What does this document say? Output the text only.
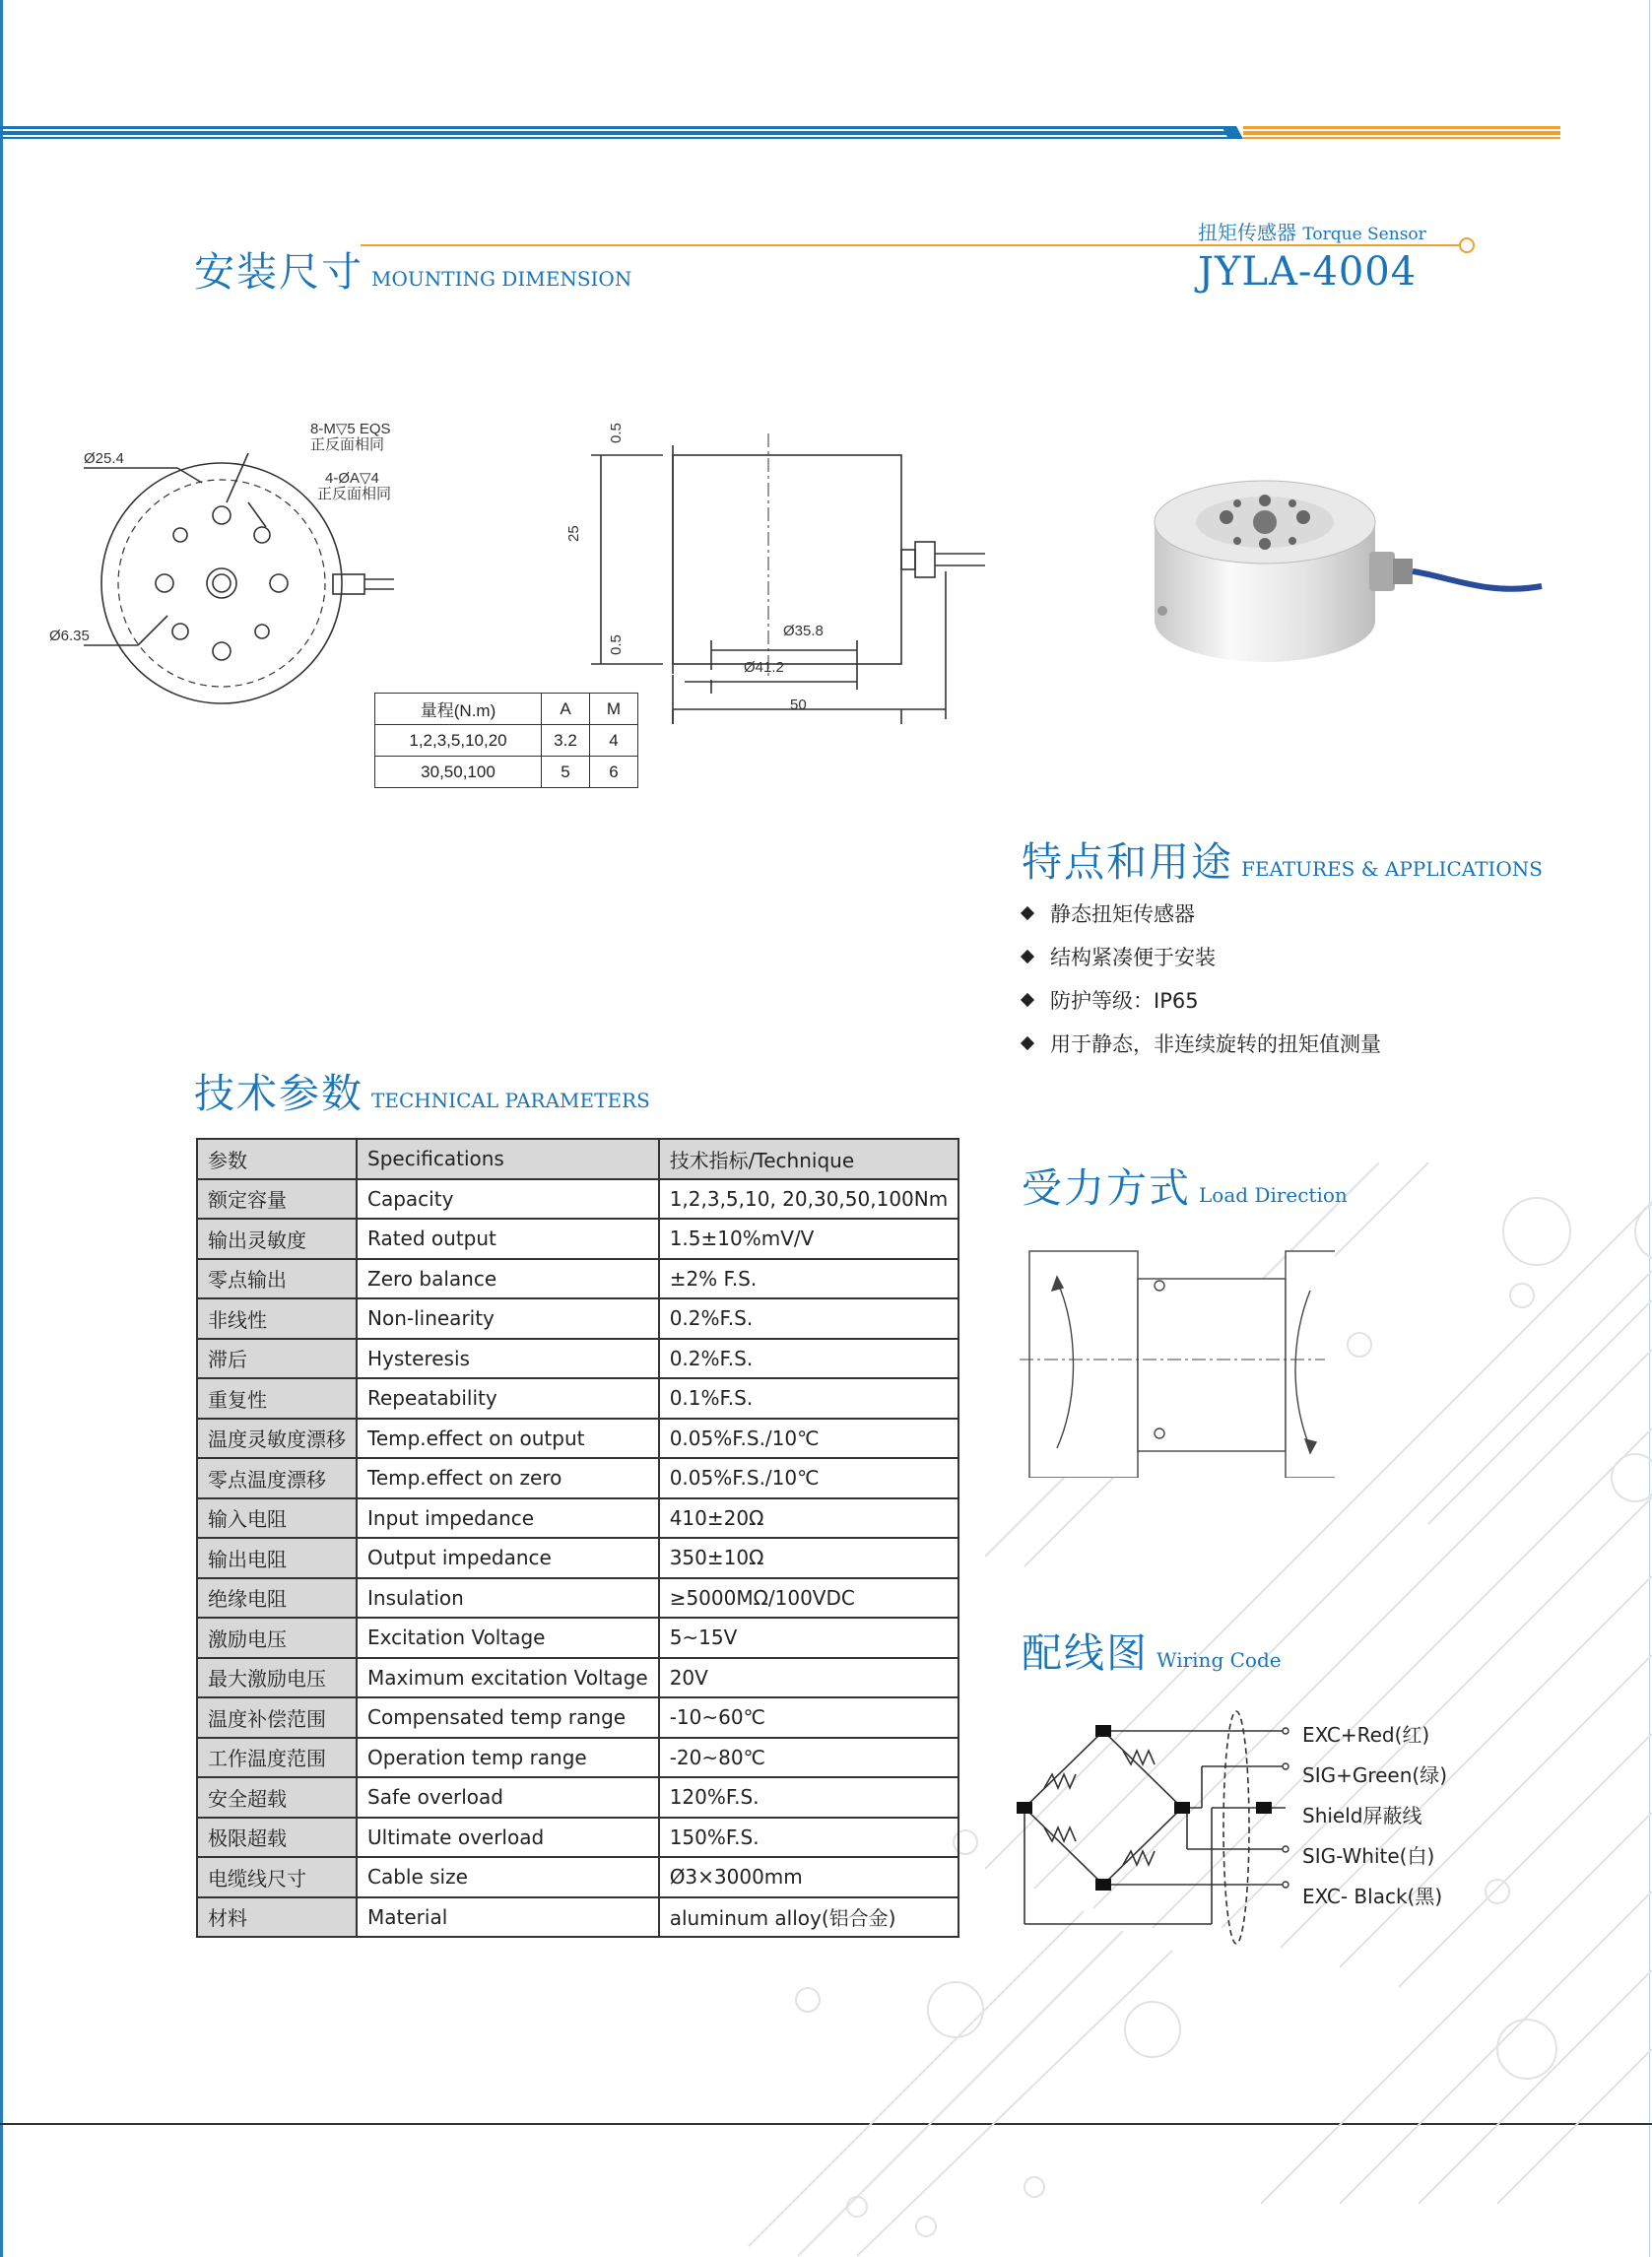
安装尺寸 MOUNTING DIMENSION
扭矩传感器 Torque Sensor
JYLA-4004
Ø25.4
Ø6.35
8-M▽5 EQS
正反面相同
4-ØA▽4
正反面相同
Ø35.8
Ø41.2
50
0.5
25
0.5
量程(N.m)	A	M
1,2,3,5,10,20	3.2	4
30,50,100	5	6
特点和用途 FEATURES & APPLICATIONS
静态扭矩传感器
结构紧凑便于安装
防护等级：IP65
用于静态，非连续旋转的扭矩值测量
技术参数 TECHNICAL PARAMETERS
参数	Specifications	技术指标/Technique
额定容量	Capacity	1,2,3,5,10, 20,30,50,100Nm
输出灵敏度	Rated output	1.5±10%mV/V
零点输出	Zero balance	±2% F.S.
非线性	Non-linearity	0.2%F.S.
滞后	Hysteresis	0.2%F.S.
重复性	Repeatability	0.1%F.S.
温度灵敏度漂移	Temp.effect on output	0.05%F.S./10℃
零点温度漂移	Temp.effect on zero	0.05%F.S./10℃
输入电阻	Input impedance	410±20Ω
输出电阻	Output impedance	350±10Ω
绝缘电阻	Insulation	≥5000MΩ/100VDC
激励电压	Excitation Voltage	5~15V
最大激励电压	Maximum excitation Voltage	20V
温度补偿范围	Compensated temp range	-10~60℃
工作温度范围	Operation temp range	-20~80℃
安全超载	Safe overload	120%F.S.
极限超载	Ultimate overload	150%F.S.
电缆线尺寸	Cable size	Ø3×3000mm
材料	Material	aluminum alloy(铝合金)
受力方式 Load Direction
配线图 Wiring Code
EXC+Red(红)
SIG+Green(绿)
Shield屏蔽线
SIG-White(白)
EXC- Black(黑)
